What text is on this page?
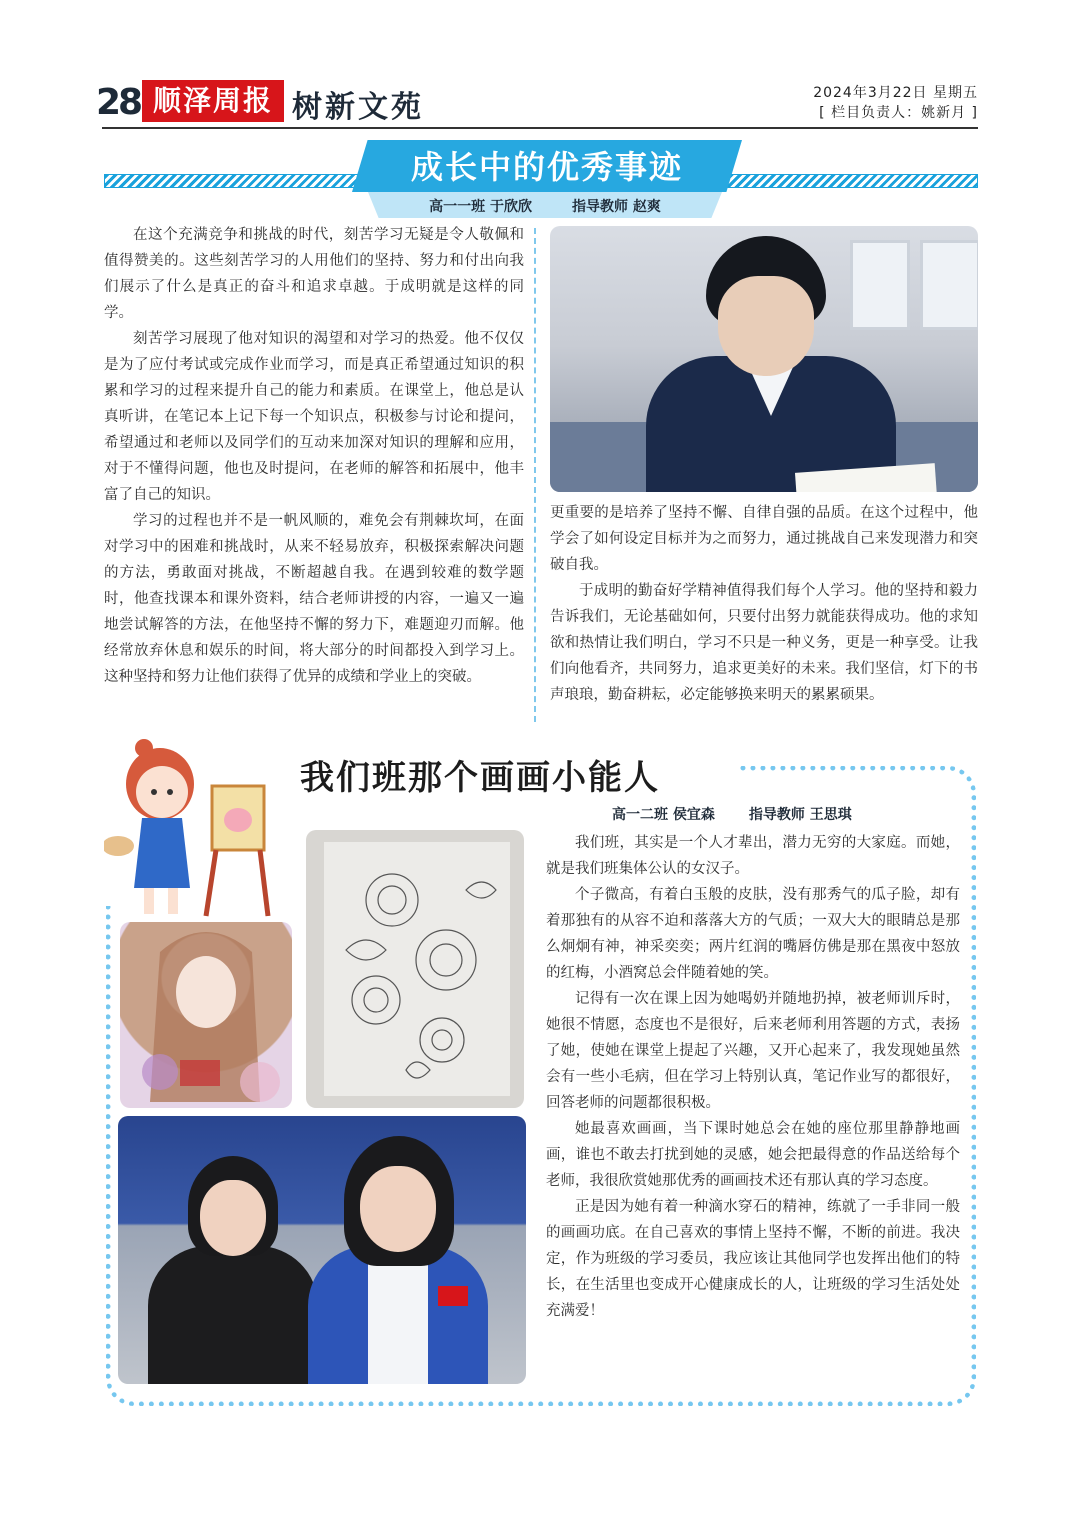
28 顺泽周报 树新文苑	2024年3月22日 星期五
[ 栏目负责人：姚新月 ]
成长中的优秀事迹
高一一班 于欣欣	指导教师 赵爽

在这个充满竞争和挑战的时代，刻苦学习无疑是令人敬佩和值得赞美的。这些刻苦学习的人用他们的坚持、努力和付出向我们展示了什么是真正的奋斗和追求卓越。于成明就是这样的同学。

刻苦学习展现了他对知识的渴望和对学习的热爱。他不仅仅是为了应付考试或完成作业而学习，而是真正希望通过知识的积累和学习的过程来提升自己的能力和素质。在课堂上，他总是认真听讲，在笔记本上记下每一个知识点，积极参与讨论和提问，希望通过和老师以及同学们的互动来加深对知识的理解和应用，对于不懂得问题，他也及时提问，在老师的解答和拓展中，他丰富了自己的知识。

学习的过程也并不是一帆风顺的，难免会有荆棘坎坷，在面对学习中的困难和挑战时，从来不轻易放弃，积极探索解决问题的方法，勇敢面对挑战，不断超越自我。在遇到较难的数学题时，他查找课本和课外资料，结合老师讲授的内容，一遍又一遍地尝试解答的方法，在他坚持不懈的努力下，难题迎刃而解。他经常放弃休息和娱乐的时间，将大部分的时间都投入到学习上。这种坚持和努力让他们获得了优异的成绩和学业上的突破。

更重要的是培养了坚持不懈、自律自强的品质。在这个过程中，他学会了如何设定目标并为之而努力，通过挑战自己来发现潜力和突破自我。

于成明的勤奋好学精神值得我们每个人学习。他的坚持和毅力告诉我们，无论基础如何，只要付出努力就能获得成功。他的求知欲和热情让我们明白，学习不只是一种义务，更是一种享受。让我们向他看齐，共同努力，追求更美好的未来。我们坚信，灯下的书声琅琅，勤奋耕耘，必定能够换来明天的累累硕果。

我们班那个画画小能人
高一二班 侯宜森 指导教师 王思琪

我们班，其实是一个人才辈出，潜力无穷的大家庭。而她，就是我们班集体公认的女汉子。

个子微高，有着白玉般的皮肤，没有那秀气的瓜子脸，却有着那独有的从容不迫和落落大方的气质；一双大大的眼睛总是那么炯炯有神，神采奕奕；两片红润的嘴唇仿佛是那在黑夜中怒放的红梅，小酒窝总会伴随着她的笑。

记得有一次在课上因为她喝奶并随地扔掉，被老师训斥时，她很不情愿，态度也不是很好，后来老师利用答题的方式，表扬了她，使她在课堂上提起了兴趣，又开心起来了，我发现她虽然会有一些小毛病，但在学习上特别认真，笔记作业写的都很好，回答老师的问题都很积极。

她最喜欢画画，当下课时她总会在她的座位那里静静地画画，谁也不敢去打扰到她的灵感，她会把最得意的作品送给每个老师，我很欣赏她那优秀的画画技术还有那认真的学习态度。

正是因为她有着一种滴水穿石的精神，练就了一手非同一般的画画功底。在自己喜欢的事情上坚持不懈，不断的前进。我决定，作为班级的学习委员，我应该让其他同学也发挥出他们的特长，在生活里也变成开心健康成长的人，让班级的学习生活处处充满爱！
